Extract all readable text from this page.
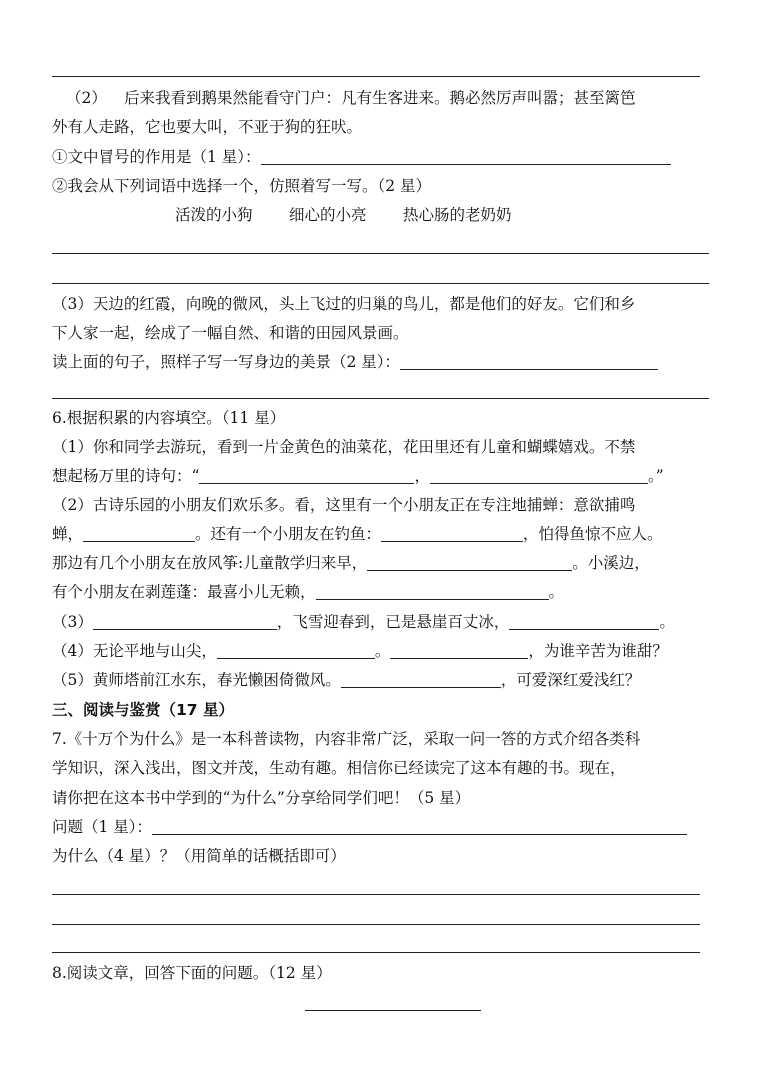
（2） 后来我看到鹅果然能看守门户：凡有生客进来。鹅必然厉声叫嚣；甚至篱笆
外有人走路，它也要大叫，不亚于狗的狂吠。
①文中冒号的作用是（1 星）：
②我会从下列词语中选择一个，仿照着写一写。（2 星）
活泼的小狗 细心的小亮 热心肠的老奶奶
（3）天边的红霞，向晚的微风，头上飞过的归巢的鸟儿，都是他们的好友。它们和乡
下人家一起，绘成了一幅自然、和谐的田园风景画。
读上面的句子，照样子写一写身边的美景（2 星）：
6.根据积累的内容填空。（11 星）
（1）你和同学去游玩，看到一片金黄色的油菜花，花田里还有儿童和蝴蝶嬉戏。不禁
想起杨万里的诗句：“	，	。”
（2）古诗乐园的小朋友们欢乐多。看，这里有一个小朋友正在专注地捕蝉：意欲捕鸣
蝉，	。还有一个小朋友在钓鱼：	，怕得鱼惊不应人。
那边有几个小朋友在放风筝:儿童散学归来早，	。小溪边，
有个小朋友在剥莲蓬：最喜小儿无赖，	。
（3）	，飞雪迎春到，已是悬崖百丈冰，	。
（4）无论平地与山尖，	。	，为谁辛苦为谁甜？
（5）黄师塔前江水东，春光懒困倚微风。	，可爱深红爱浅红？
三、阅读与鉴赏（17 星）
7.《十万个为什么》是一本科普读物，内容非常广泛，采取一问一答的方式介绍各类科
学知识，深入浅出，图文并茂，生动有趣。相信你已经读完了这本有趣的书。现在，
请你把在这本书中学到的“为什么”分享给同学们吧！（5 星）
问题（1 星）：
为什么（4 星）？（用简单的话概括即可）
8.阅读文章，回答下面的问题。（12 星）
